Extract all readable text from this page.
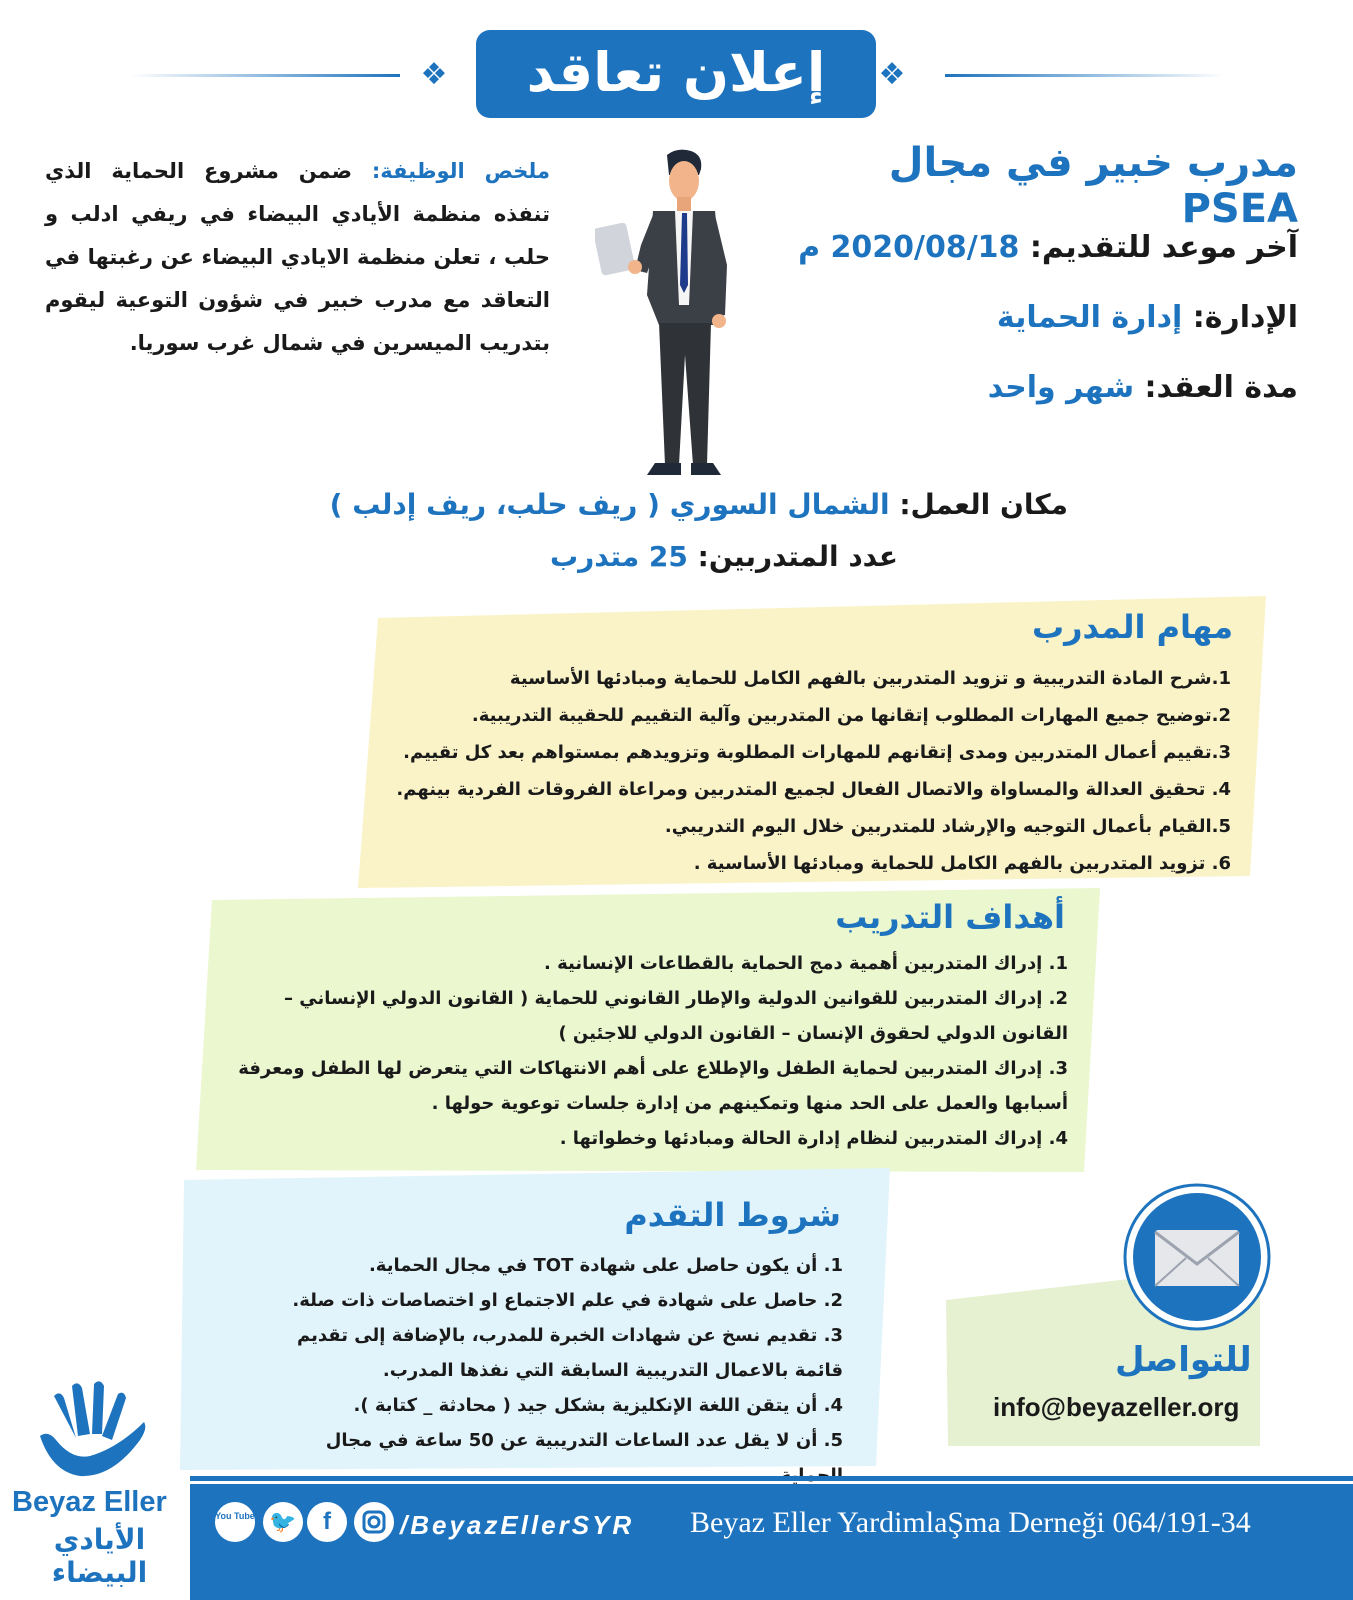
❖	❖
إعلان تعاقد
مدرب خبير في مجال PSEA
آخر موعد للتقديم: 2020/08/18 م
الإدارة: إدارة الحماية
مدة العقد: شهر واحد
ملخص الوظيفة: ضمن مشروع الحماية الذي تنفذه منظمة الأيادي البيضاء في ريفي ادلب و حلب ، تعلن منظمة الايادي البيضاء عن رغبتها في التعاقد مع مدرب خبير في شؤون التوعية ليقوم بتدريب الميسرين في شمال غرب سوريا.
مكان العمل: الشمال السوري ( ريف حلب، ريف إدلب )
عدد المتدربين: 25 متدرب
مهام المدرب
1.شرح المادة التدريبية و تزويد المتدربين بالفهم الكامل للحماية ومبادئها الأساسية
2.توضيح جميع المهارات المطلوب إتقانها من المتدربين وآلية التقييم للحقيبة التدريبية.
3.تقييم أعمال المتدربين ومدى إتقانهم للمهارات المطلوبة وتزويدهم بمستواهم بعد كل تقييم.
4. تحقيق العدالة والمساواة والاتصال الفعال لجميع المتدربين ومراعاة الفروقات الفردية بينهم.
5.القيام بأعمال التوجيه والإرشاد للمتدربين خلال اليوم التدريبي.
6. تزويد المتدربين بالفهم الكامل للحماية ومبادئها الأساسية .
أهداف التدريب
1. إدراك المتدربين أهمية دمج الحماية بالقطاعات الإنسانية .
2. إدراك المتدربين للقوانين الدولية والإطار القانوني للحماية ( القانون الدولي الإنساني – القانون الدولي لحقوق الإنسان – القانون الدولي للاجئين )
3. إدراك المتدربين لحماية الطفل والإطلاع على أهم الانتهاكات التي يتعرض لها الطفل ومعرفة أسبابها والعمل على الحد منها وتمكينهم من إدارة جلسات توعوية حولها .
4. إدراك المتدربين لنظام إدارة الحالة ومبادئها وخطواتها .
شروط التقدم
1. أن يكون حاصل على شهادة TOT في مجال الحماية.
2. حاصل على شهادة في علم الاجتماع او اختصاصات ذات صلة.
3. تقديم نسخ عن شهادات الخبرة للمدرب، بالإضافة إلى تقديم قائمة بالاعمال التدريبية السابقة التي نفذها المدرب.
4. أن يتقن اللغة الإنكليزية بشكل جيد ( محادثة _ كتابة ).
5. أن لا يقل عدد الساعات التدريبية عن 50 ساعة في مجال
للتواصل
info@beyazeller.org
Beyaz Eller
الأيادي البيضاء
You Tube 🐦	f	/BeyazEllerSYR Beyaz Eller YardimlaŞma Derneği 064/191-34
